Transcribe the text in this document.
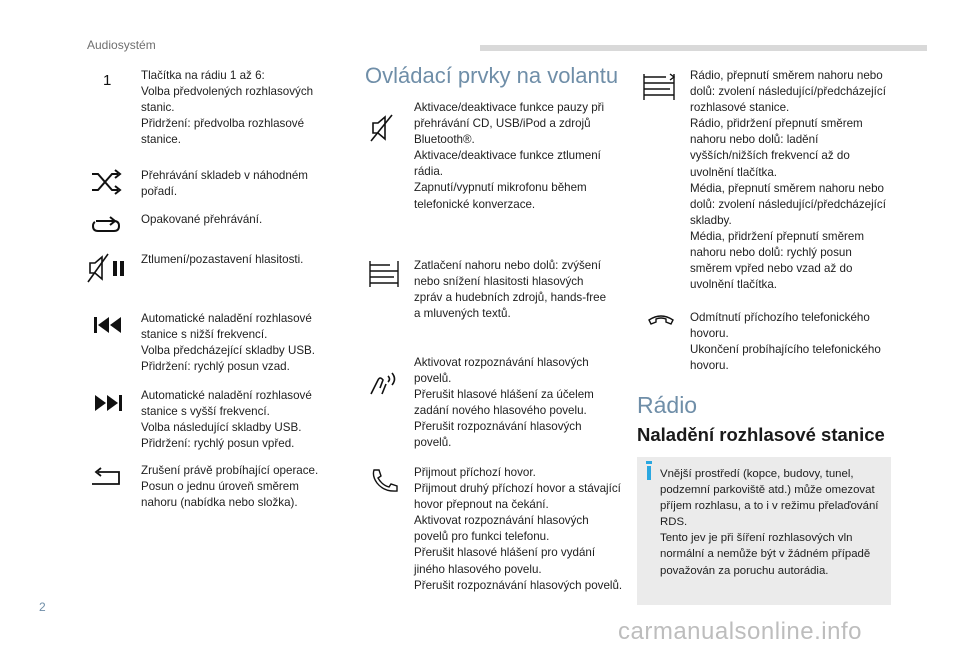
Audiosystém
1	Tlačítka na rádiu 1 až 6:
Volba předvolených rozhlasových stanic.
Přidržení: předvolba rozhlasové stanice.
Přehrávání skladeb v náhodném pořadí.
Opakované přehrávání.
Ztlumení/pozastavení hlasitosti.
Automatické naladění rozhlasové stanice s nižší frekvencí.
Volba předcházející skladby USB.
Přidržení: rychlý posun vzad.
Automatické naladění rozhlasové stanice s vyšší frekvencí.
Volba následující skladby USB.
Přidržení: rychlý posun vpřed.
Zrušení právě probíhající operace.
Posun o jednu úroveň směrem nahoru (nabídka nebo složka).
Ovládací prvky na volantu
Aktivace/deaktivace funkce pauzy při přehrávání CD, USB/iPod a zdrojů Bluetooth®.
Aktivace/deaktivace funkce ztlumení rádia.
Zapnutí/vypnutí mikrofonu během telefonické konverzace.
Zatlačení nahoru nebo dolů: zvýšení nebo snížení hlasitosti hlasových zpráv a hudebních zdrojů, hands-free a mluvených textů.
Aktivovat rozpoznávání hlasových povelů.
Přerušit hlasové hlášení za účelem zadání nového hlasového povelu.
Přerušit rozpoznávání hlasových povelů.
Přijmout příchozí hovor.
Přijmout druhý příchozí hovor a stávající hovor přepnout na čekání.
Aktivovat rozpoznávání hlasových povelů pro funkci telefonu.
Přerušit hlasové hlášení pro vydání jiného hlasového povelu.
Přerušit rozpoznávání hlasových povelů.
Rádio, přepnutí směrem nahoru nebo dolů: zvolení následující/předcházející rozhlasové stanice.
Rádio, přidržení přepnutí směrem nahoru nebo dolů: ladění vyšších/nižších frekvencí až do uvolnění tlačítka.
Média, přepnutí směrem nahoru nebo dolů: zvolení následující/předcházející skladby.
Média, přidržení přepnutí směrem nahoru nebo dolů: rychlý posun směrem vpřed nebo vzad až do uvolnění tlačítka.
Odmítnutí příchozího telefonického hovoru.
Ukončení probíhajícího telefonického hovoru.
Rádio
Naladění rozhlasové stanice
Vnější prostředí (kopce, budovy, tunel, podzemní parkoviště atd.) může omezovat příjem rozhlasu, a to i v režimu přelaďování RDS.
Tento jev je při šíření rozhlasových vln normální a nemůže být v žádném případě považován za poruchu autorádia.
2
carmanualsonline.info
